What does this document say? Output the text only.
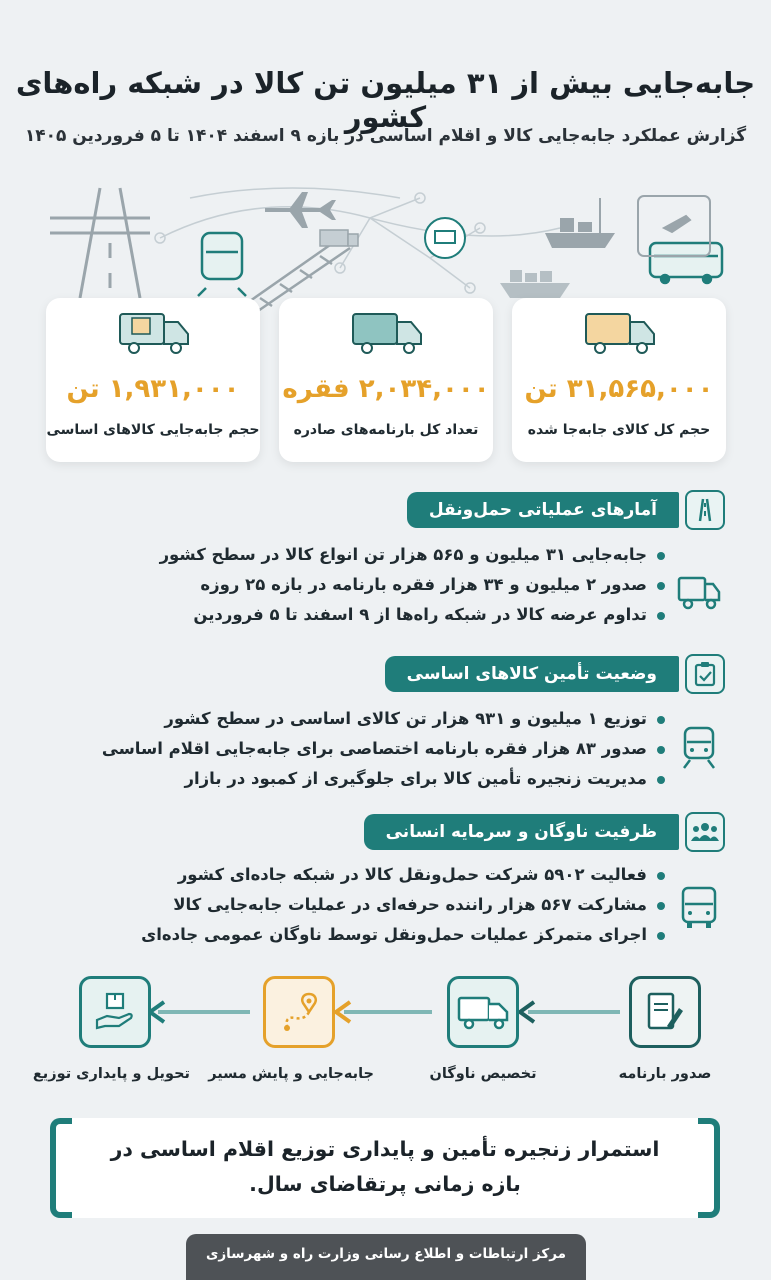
جابه‌جایی بیش از ۳۱ میلیون تن کالا در شبکه راه‌های کشور
گزارش عملکرد جابه‌جایی کالا و اقلام اساسی در بازه ۹ اسفند ۱۴۰۴ تا ۵ فروردین ۱۴۰۵
۳۱,۵۶۵,۰۰۰ تن
حجم کل کالای جابه‌جا شده
۲,۰۳۴,۰۰۰ فقره
تعداد کل بارنامه‌های صادره
۱,۹۳۱,۰۰۰ تن
حجم جابه‌جایی کالاهای اساسی
آمارهای عملیاتی حمل‌ونقل
جابه‌جایی ۳۱ میلیون و ۵۶۵ هزار تن انواع کالا در سطح کشور
صدور ۲ میلیون و ۳۴ هزار فقره بارنامه در بازه ۲۵ روزه
تداوم عرضه کالا در شبکه راه‌ها از ۹ اسفند تا ۵ فروردین
وضعیت تأمین کالاهای اساسی
توزیع ۱ میلیون و ۹۳۱ هزار تن کالای اساسی در سطح کشور
صدور ۸۳ هزار فقره بارنامه اختصاصی برای جابه‌جایی اقلام اساسی
مدیریت زنجیره تأمین کالا برای جلوگیری از کمبود در بازار
ظرفیت ناوگان و سرمایه انسانی
فعالیت ۵۹۰۲ شرکت حمل‌ونقل کالا در شبکه جاده‌ای کشور
مشارکت ۵۶۷ هزار راننده حرفه‌ای در عملیات جابه‌جایی کالا
اجرای متمرکز عملیات حمل‌ونقل توسط ناوگان عمومی جاده‌ای
صدور بارنامه
تخصیص ناوگان
جابه‌جایی و پایش مسیر
تحویل و پایداری توزیع
استمرار زنجیره تأمین و پایداری توزیع اقلام اساسی در بازه زمانی پرتقاضای سال.
مرکز ارتباطات و اطلاع رسانی وزارت راه و شهرسازی
